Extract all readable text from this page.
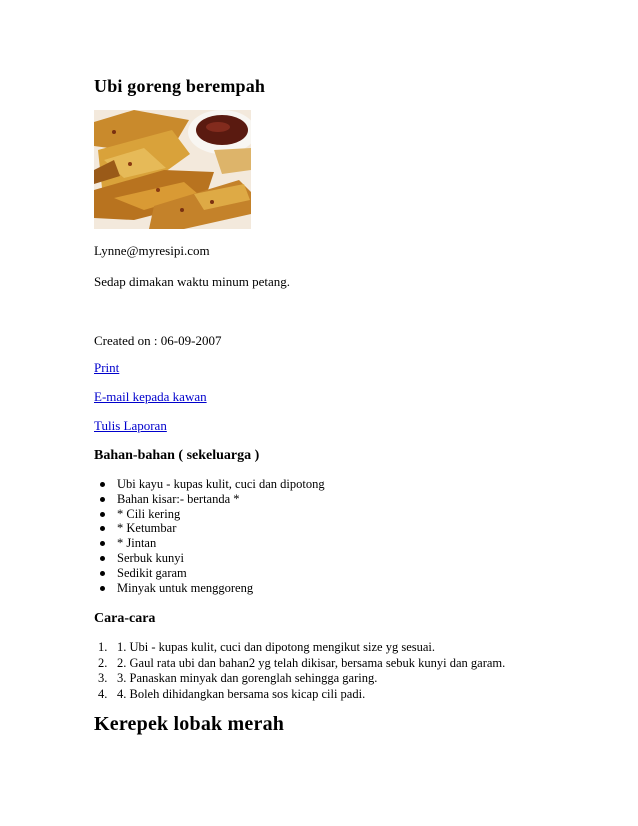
Ubi goreng berempah

Lynne@myresipi.com

Sedap dimakan waktu minum petang.

Created on : 06-09-2007

Print

E-mail kepada kawan

Tulis Laporan

Bahan-bahan ( sekeluarga )
Ubi kayu - kupas kulit, cuci dan dipotong
Bahan kisar:- bertanda *
* Cili kering
* Ketumbar
* Jintan
Serbuk kunyi
Sedikit garam
Minyak untuk menggoreng
Cara-cara
1. 1. Ubi - kupas kulit, cuci dan dipotong mengikut size yg sesuai.
2. 2. Gaul rata ubi dan bahan2 yg telah dikisar, bersama sebuk kunyi dan garam.
3. 3. Panaskan minyak dan gorenglah sehingga garing.
4. 4. Boleh dihidangkan bersama sos kicap cili padi.
Kerepek lobak merah
